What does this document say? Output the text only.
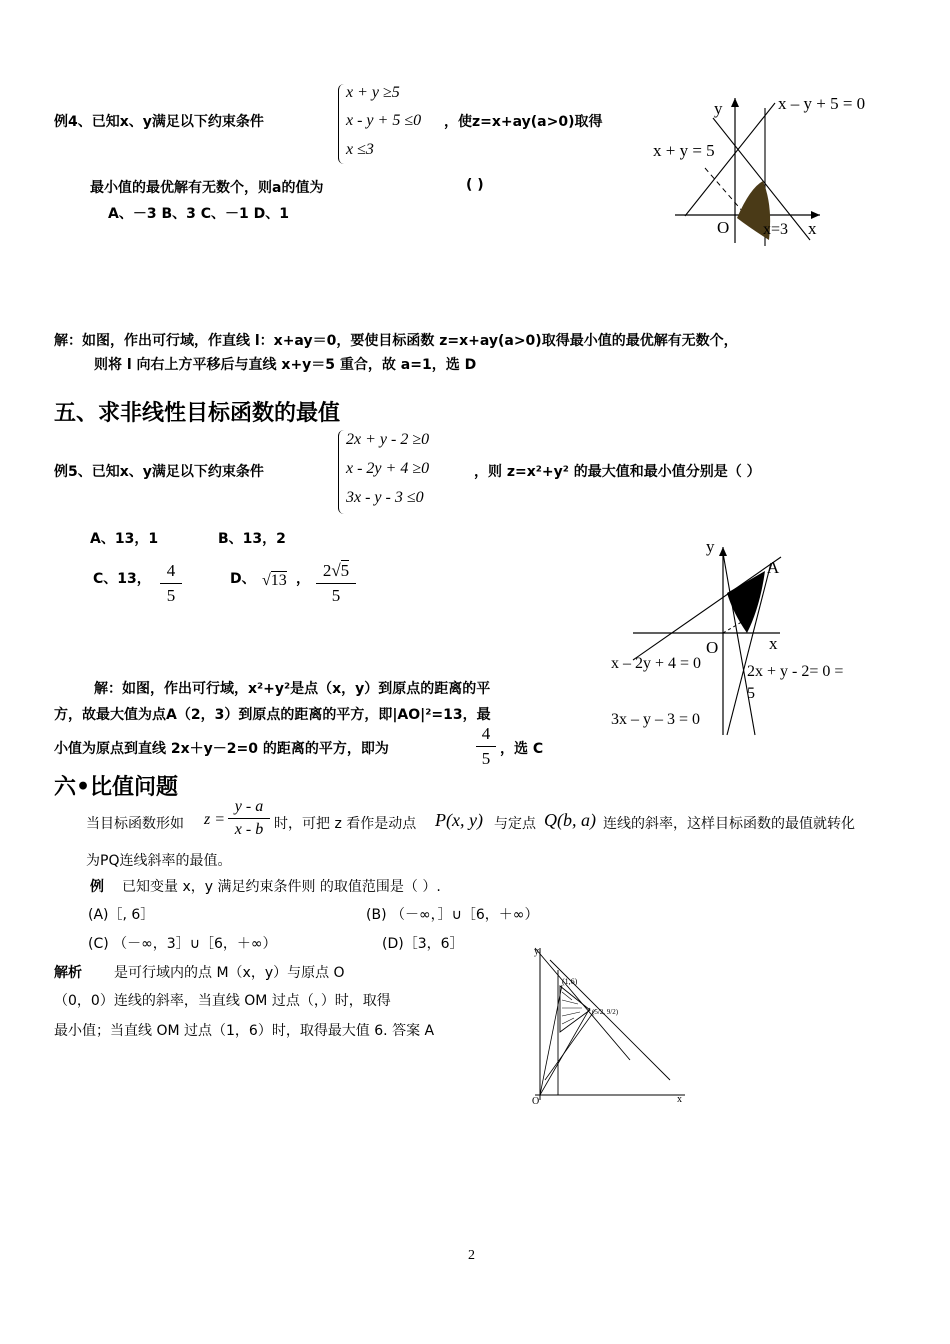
例4、已知x、y满足以下约束条件
x + y ≥5
x - y + 5 ≤0
x ≤3
，使z=x+ay(a>0)取得
最小值的最优解有无数个，则a的值为	( )
A、－3 B、3 C、－1 D、1
y
x
O
x – y + 5 = 0
x + y = 5
x=3
解：如图，作出可行域，作直线 l：x+ay＝0，要使目标函数 z=x+ay(a>0)取得最小值的最优解有无数个，
则将 l 向右上方平移后与直线 x+y＝5 重合，故 a=1，选 D
五、求非线性目标函数的最值
例5、已知x、y满足以下约束条件
2x + y - 2 ≥0
x - 2y + 4 ≥0
3x - y - 3 ≤0
，则 z=x²+y² 的最大值和最小值分别是（ ）
A、13，1	B、13，2
C、13， 4
5
D、 √13 ， 2√5
5
y
x
O
A
x – 2y + 4 = 0	2x + y - 2= 0 =
5
3x – y – 3 = 0
解：如图，作出可行域，x²+y²是点（x，y）到原点的距离的平
方，故最大值为点A（2，3）到原点的距离的平方，即|AO|²=13，最
小值为原点到直线 2x＋y－2=0 的距离的平方，即为
4
5 ，选 C
六•比值问题
当目标函数形如 z =
y - a
x - b 时，可把 z 看作是动点 P(x, y) 与定点 Q(b, a) 连线的斜率，这样目标函数的最值就转化
为PQ连线斜率的最值。
例 已知变量 x，y 满足约束条件则 的取值范围是（ ）.
(A)［, 6］	(B) （－∞，］∪［6，＋∞）
(C) （－∞，3］∪［6，＋∞）	(D)［3，6］
解析 是可行域内的点 M（x，y）与原点 O
（0，0）连线的斜率，当直线 OM 过点（，）时，取得
最小值；当直线 OM 过点（1，6）时，取得最大值 6. 答案 A
y
x
O
(1,6)
(5/2, 9/2)
2
